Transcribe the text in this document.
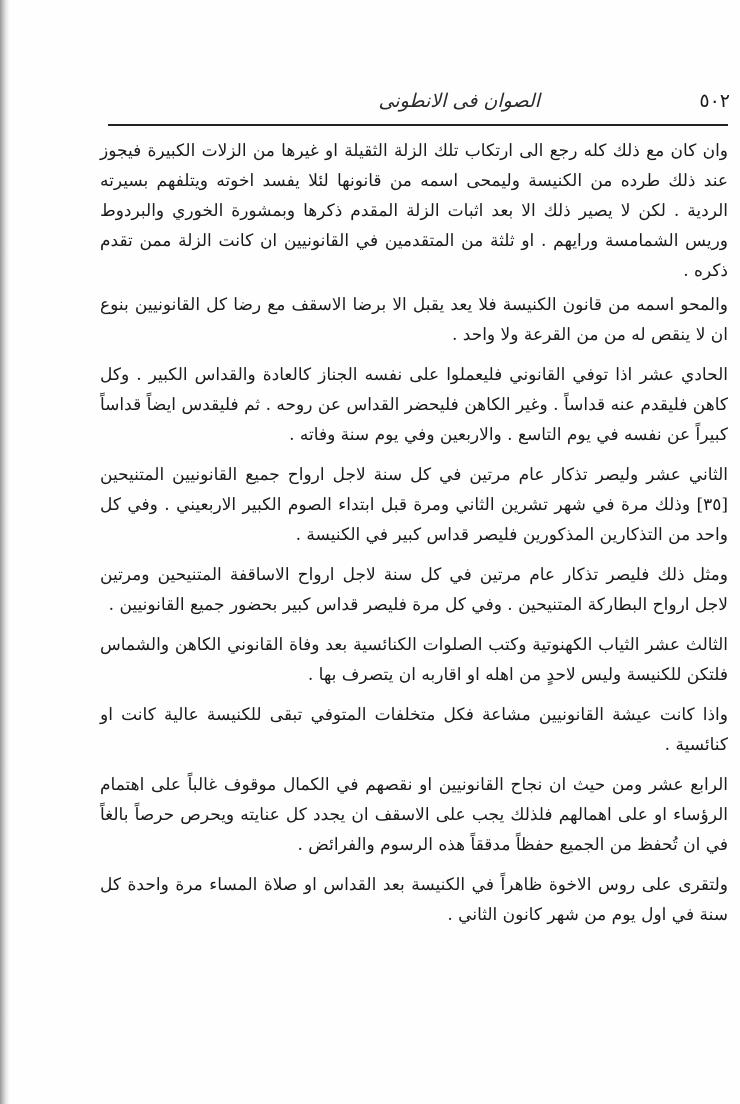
٥٠٢
الصوان فى الانطونى

وان كان مع ذلك كله رجع الى ارتكاب تلك الزلة الثقيلة او غيرها من الزلات الكبيرة فيجوز عند ذلك طرده من الكنيسة وليمحى اسمه من قانونها لئلا يفسد اخوته ويتلفهم بسيرته الردية . لكن لا يصير ذلك الا بعد اثبات الزلة المقدم ذكرها وبمشورة الخوري والبردوط وريس الشمامسة ورايهم . او ثلثة من المتقدمين في القانونيين ان كانت الزلة ممن تقدم ذكره .

والمحو اسمه من قانون الكنيسة فلا يعد يقبل الا برضا الاسقف مع رضا كل القانونيين بنوع ان لا ينقص له من من القرعة ولا واحد .

الحادي عشر اذا توفي القانوني فليعملوا على نفسه الجناز كالعادة والقداس الكبير . وكل كاهن فليقدم عنه قداساً . وغير الكاهن فليحضر القداس عن روحه . ثم فليقدس ايضاً قداساً كبيراً عن نفسه في يوم التاسع . والاربعين وفي يوم سنة وفاته .

الثاني عشر وليصر تذكار عام مرتين في كل سنة لاجل ارواح جميع القانونيين المتنيحين [٣٥] وذلك مرة في شهر تشرين الثاني ومرة قبل ابتداء الصوم الكبير الاربعيني . وفي كل واحد من التذكارين المذكورين فليصر قداس كبير في الكنيسة .

ومثل ذلك فليصر تذكار عام مرتين في كل سنة لاجل ارواح الاساقفة المتنيحين ومرتين لاجل ارواح البطاركة المتنيحين . وفي كل مرة فليصر قداس كبير بحضور جميع القانونيين .

الثالث عشر الثياب الكهنوتية وكتب الصلوات الكنائسية بعد وفاة القانوني الكاهن والشماس فلتكن للكنيسة وليس لاحدٍ من اهله او اقاربه ان يتصرف بها .

واذا كانت عيشة القانونيين مشاعة فكل متخلفات المتوفي تبقى للكنيسة عالية كانت او كنائسية .

الرابع عشر ومن حيث ان نجاح القانونيين او نقصهم في الكمال موقوف غالباً على اهتمام الرؤساء او على اهمالهم فلذلك يجب على الاسقف ان يجدد كل عنايته ويحرص حرصاً بالغاً في ان تُحفظ من الجميع حفظاً مدققاً هذه الرسوم والفرائض .

ولتقرى على روس الاخوة ظاهراً في الكنيسة بعد القداس او صلاة المساء مرة واحدة كل سنة في اول يوم من شهر كانون الثاني .
